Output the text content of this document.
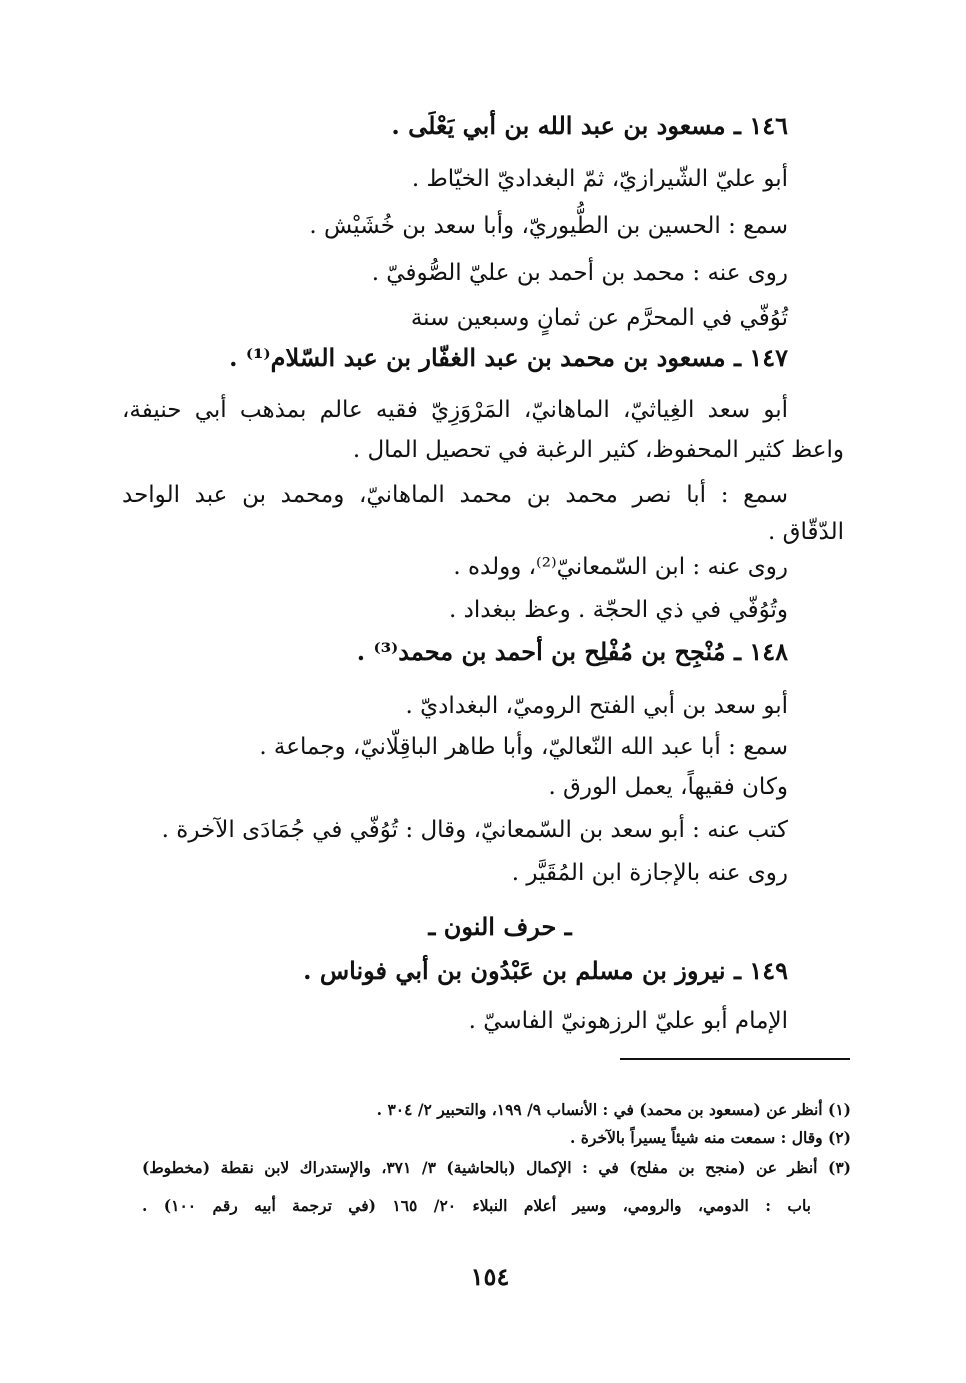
١٤٦ ـ مسعود بن عبد الله بن أبي يَعْلَى .
أبو عليّ الشّيرازيّ، ثمّ البغداديّ الخيّاط .
سمع : الحسين بن الطُّيوريّ، وأبا سعد بن خُشَيْش .
روى عنه : محمد بن أحمد بن عليّ الصُّوفيّ .
تُوُفّي في المحرَّم عن ثمانٍ وسبعين سنة
١٤٧ ـ مسعود بن محمد بن عبد الغفّار بن عبد السّلام⁽¹⁾ .
أبو سعد الغِياثيّ، الماهانيّ، المَرْوَزِيّ فقيه عالم بمذهب أبي حنيفة،
واعظ كثير المحفوظ، كثير الرغبة في تحصيل المال .
سمع : أبا نصر محمد بن محمد الماهانيّ، ومحمد بن عبد الواحد
الدّقّاق .
روى عنه : ابن السّمعانيّ⁽²⁾، وولده .
وتُوُفّي في ذي الحجّة . وعظ ببغداد .
١٤٨ ـ مُنْجِح بن مُفْلِح بن أحمد بن محمد⁽³⁾ .
أبو سعد بن أبي الفتح الروميّ، البغداديّ .
سمع : أبا عبد الله النّعاليّ، وأبا طاهر الباقِلّانيّ، وجماعة .
وكان فقيهاً، يعمل الورق .
كتب عنه : أبو سعد بن السّمعانيّ، وقال : تُوُفّي في جُمَادَى الآخرة .
روى عنه بالإجازة ابن المُقَيَّر .
ـ حرف النون ـ
١٤٩ ـ نيروز بن مسلم بن عَبْدُون بن أبي فوناس .
الإمام أبو عليّ الرزهونيّ الفاسيّ .
(١) أنظر عن (مسعود بن محمد) في : الأنساب ٩/ ١٩٩، والتحبير ٢/ ٣٠٤ .
(٢) وقال : سمعت منه شيئاً يسيراً بالآخرة .
(٣) أنظر عن (منجح بن مفلح) في : الإكمال (بالحاشية) ٣/ ٣٧١، والإستدراك لابن نقطة (مخطوط)
باب : الدومي، والرومي، وسير أعلام النبلاء ٢٠/ ١٦٥ (في ترجمة أبيه رقم ١٠٠) .
١٥٤
